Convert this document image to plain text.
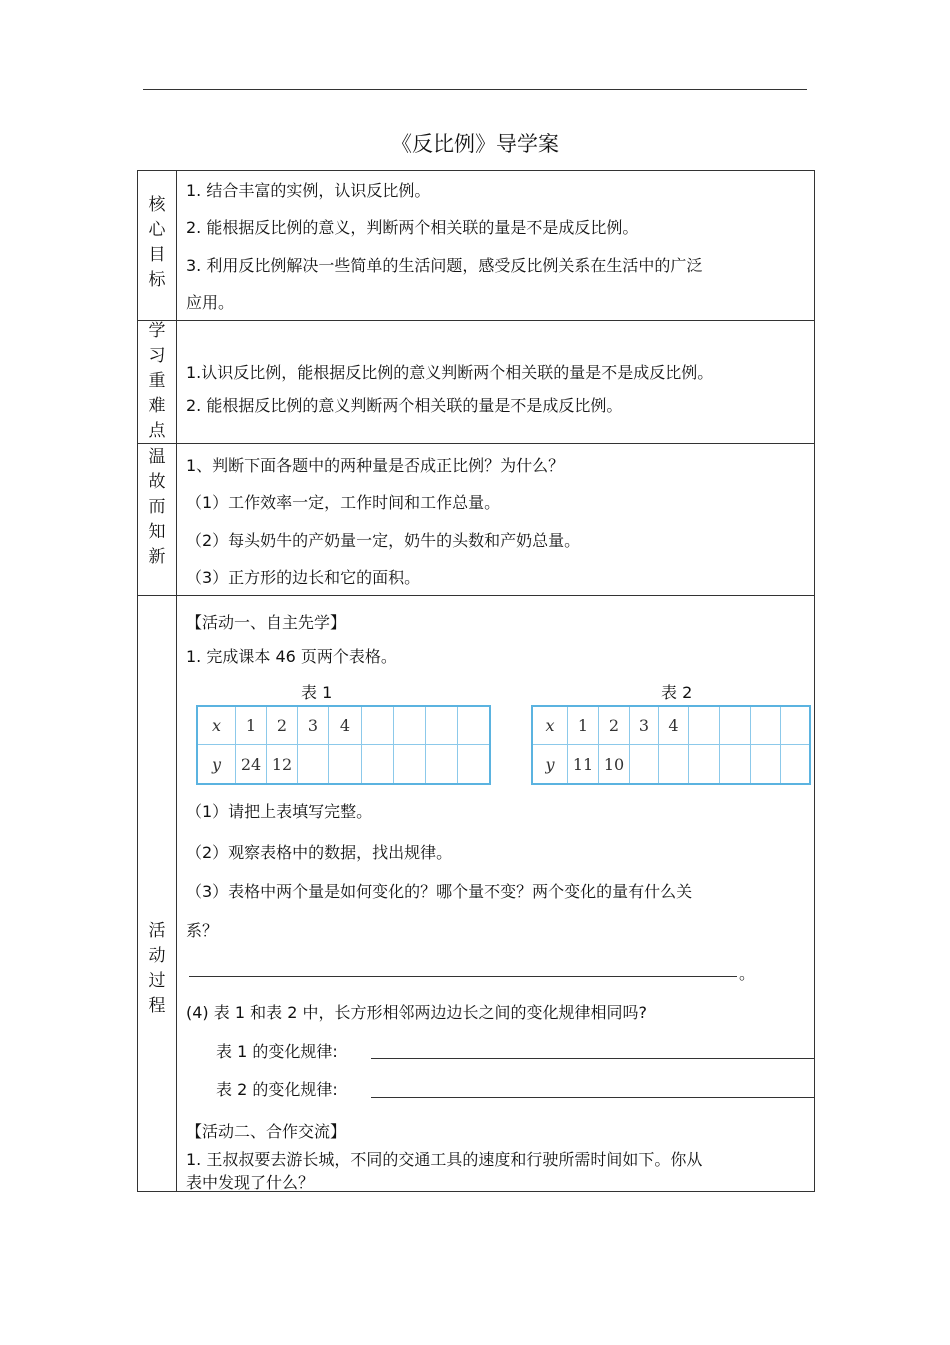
《反比例》导学案
核
心
目
标
1. 结合丰富的实例，认识反比例。
2. 能根据反比例的意义，判断两个相关联的量是不是成反比例。
3. 利用反比例解决一些简单的生活问题，感受反比例关系在生活中的广泛
应用。
学
习
重
难
点
1.认识反比例，能根据反比例的意义判断两个相关联的量是不是成反比例。
2. 能根据反比例的意义判断两个相关联的量是不是成反比例。
温
故
而
知
新
1、判断下面各题中的两种量是否成正比例？为什么？
（1）工作效率一定，工作时间和工作总量。
（2）每头奶牛的产奶量一定，奶牛的头数和产奶总量。
（3）正方形的边长和它的面积。
活
动
过
程
【活动一、自主先学】
1. 完成课本 46 页两个表格。
表 1
x	1	2	3	4
y	24 12
表 2
x	1	2	3	4
y	11 10
（1）请把上表填写完整。
（2）观察表格中的数据，找出规律。
（3）表格中两个量是如何变化的？哪个量不变？两个变化的量有什么关
系？
。
(4) 表 1 和表 2 中，长方形相邻两边边长之间的变化规律相同吗?
表 1 的变化规律:
表 2 的变化规律:
【活动二、合作交流】
1. 王叔叔要去游长城，不同的交通工具的速度和行驶所需时间如下。你从
表中发现了什么？
